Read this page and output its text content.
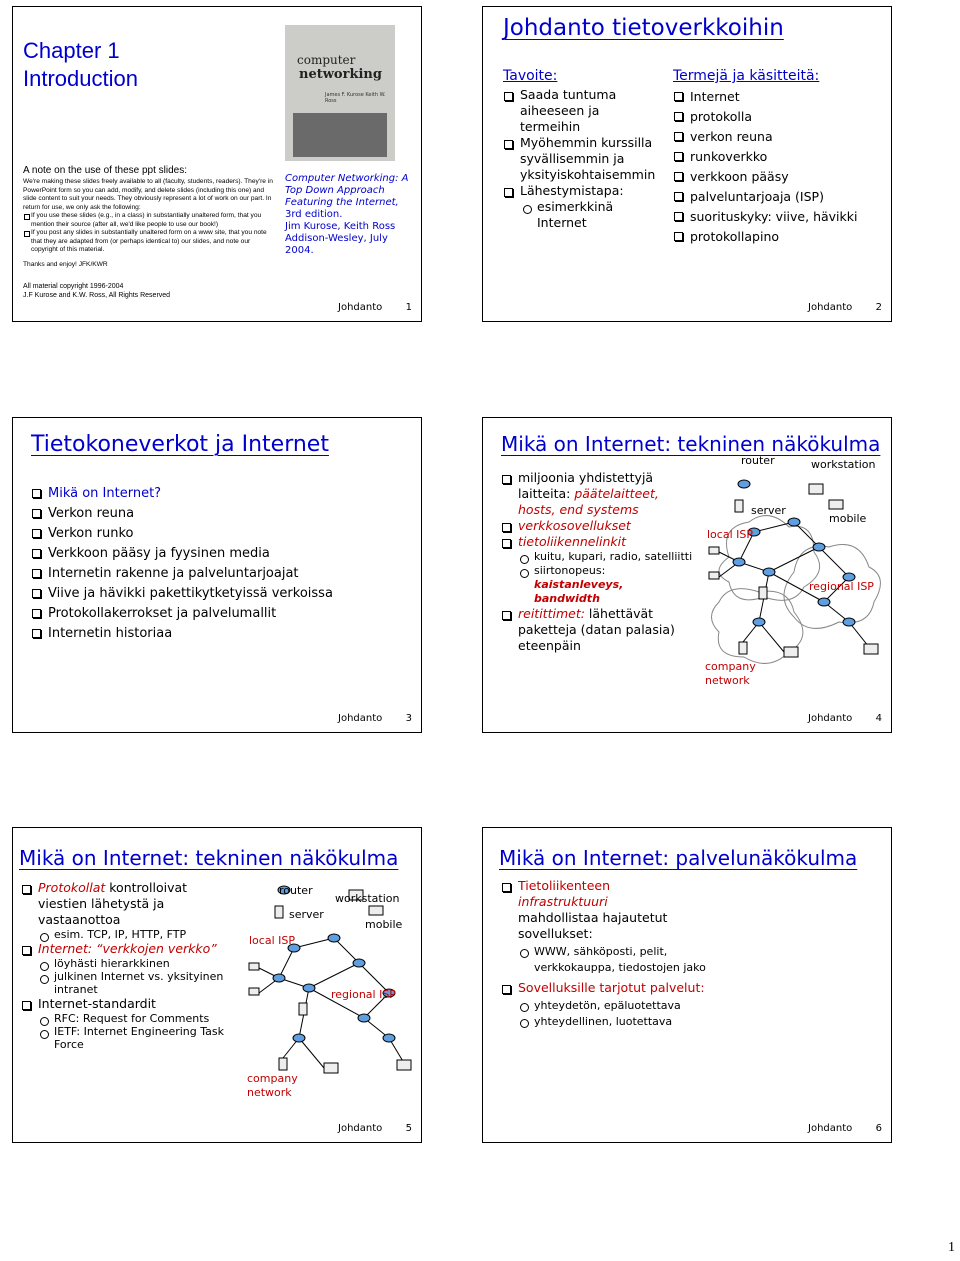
Chapter 1
Introduction
A note on the use of these ppt slides:
We're making these slides freely available to all (faculty, students, readers). They're in PowerPoint form so you can add, modify, and delete slides (including this one) and slide content to suit your needs. They obviously represent a lot of work on our part. In return for use, we only ask the following:
If you use these slides (e.g., in a class) in substantially unaltered form, that you mention their source (after all, we'd like people to use our book!)
If you post any slides in substantially unaltered form on a www site, that you note that they are adapted from (or perhaps identical to) our slides, and note our copyright of this material.
Thanks and enjoy! JFK/KWR
All material copyright 1996-2004
J.F Kurose and K.W. Ross, All Rights Reserved
computer
networking
James F. Kurose Keith W. Ross
Computer Networking: A Top Down Approach Featuring the Internet,
3rd edition.
Jim Kurose, Keith Ross
Addison-Wesley, July 2004.
Johdanto 1
Johdanto tietoverkkoihin
Tavoite:
Saada tuntuma aiheeseen ja termeihin
Myöhemmin kurssilla syvällisemmin ja yksityiskohtaisemmin
Lähestymistapa:
esimerkkinä Internet
Termejä ja käsitteitä:
Internet
protokolla
verkon reuna
runkoverkko
verkkoon pääsy
palveluntarjoaja (ISP)
suorituskyky: viive, hävikki
protokollapino
Johdanto 2
Tietokoneverkot ja Internet
Mikä on Internet?
Verkon reuna
Verkon runko
Verkkoon pääsy ja fyysinen media
Internetin rakenne ja palveluntarjoajat
Viive ja hävikki pakettikytketyissä verkoissa
Protokollakerrokset ja palvelumallit
Internetin historiaa
Johdanto 3
Mikä on Internet: tekninen näkökulma
miljoonia yhdistettyjä laitteita: päätelaitteet, hosts, end systems
verkkosovellukset
tietoliikennelinkit
kuitu, kupari, radio, satelliitti
siirtonopeus:
kaistanleveys, bandwidth
reitittimet: lähettävät paketteja (datan palasia) eteenpäin
router
server
workstation
mobile
local ISP
regional ISP
company
network
Johdanto 4
Mikä on Internet: tekninen näkökulma
Protokollat kontrolloivat viestien lähetystä ja vastaanottoa
esim. TCP, IP, HTTP, FTP
Internet: “verkkojen verkko”
löyhästi hierarkkinen
julkinen Internet vs. yksityinen intranet
Internet-standardit
RFC: Request for Comments
IETF: Internet Engineering Task Force
router
server
workstation
mobile
local ISP
regional ISP
company
network
Johdanto 5
Mikä on Internet: palvelunäkökulma
Tietoliikenteen
infrastruktuuri
mahdollistaa hajautetut sovellukset:
WWW, sähköposti, pelit, verkkokauppa, tiedostojen jako
Sovelluksille tarjotut palvelut:
yhteydetön, epäluotettava
yhteydellinen, luotettava
Johdanto 6
1
